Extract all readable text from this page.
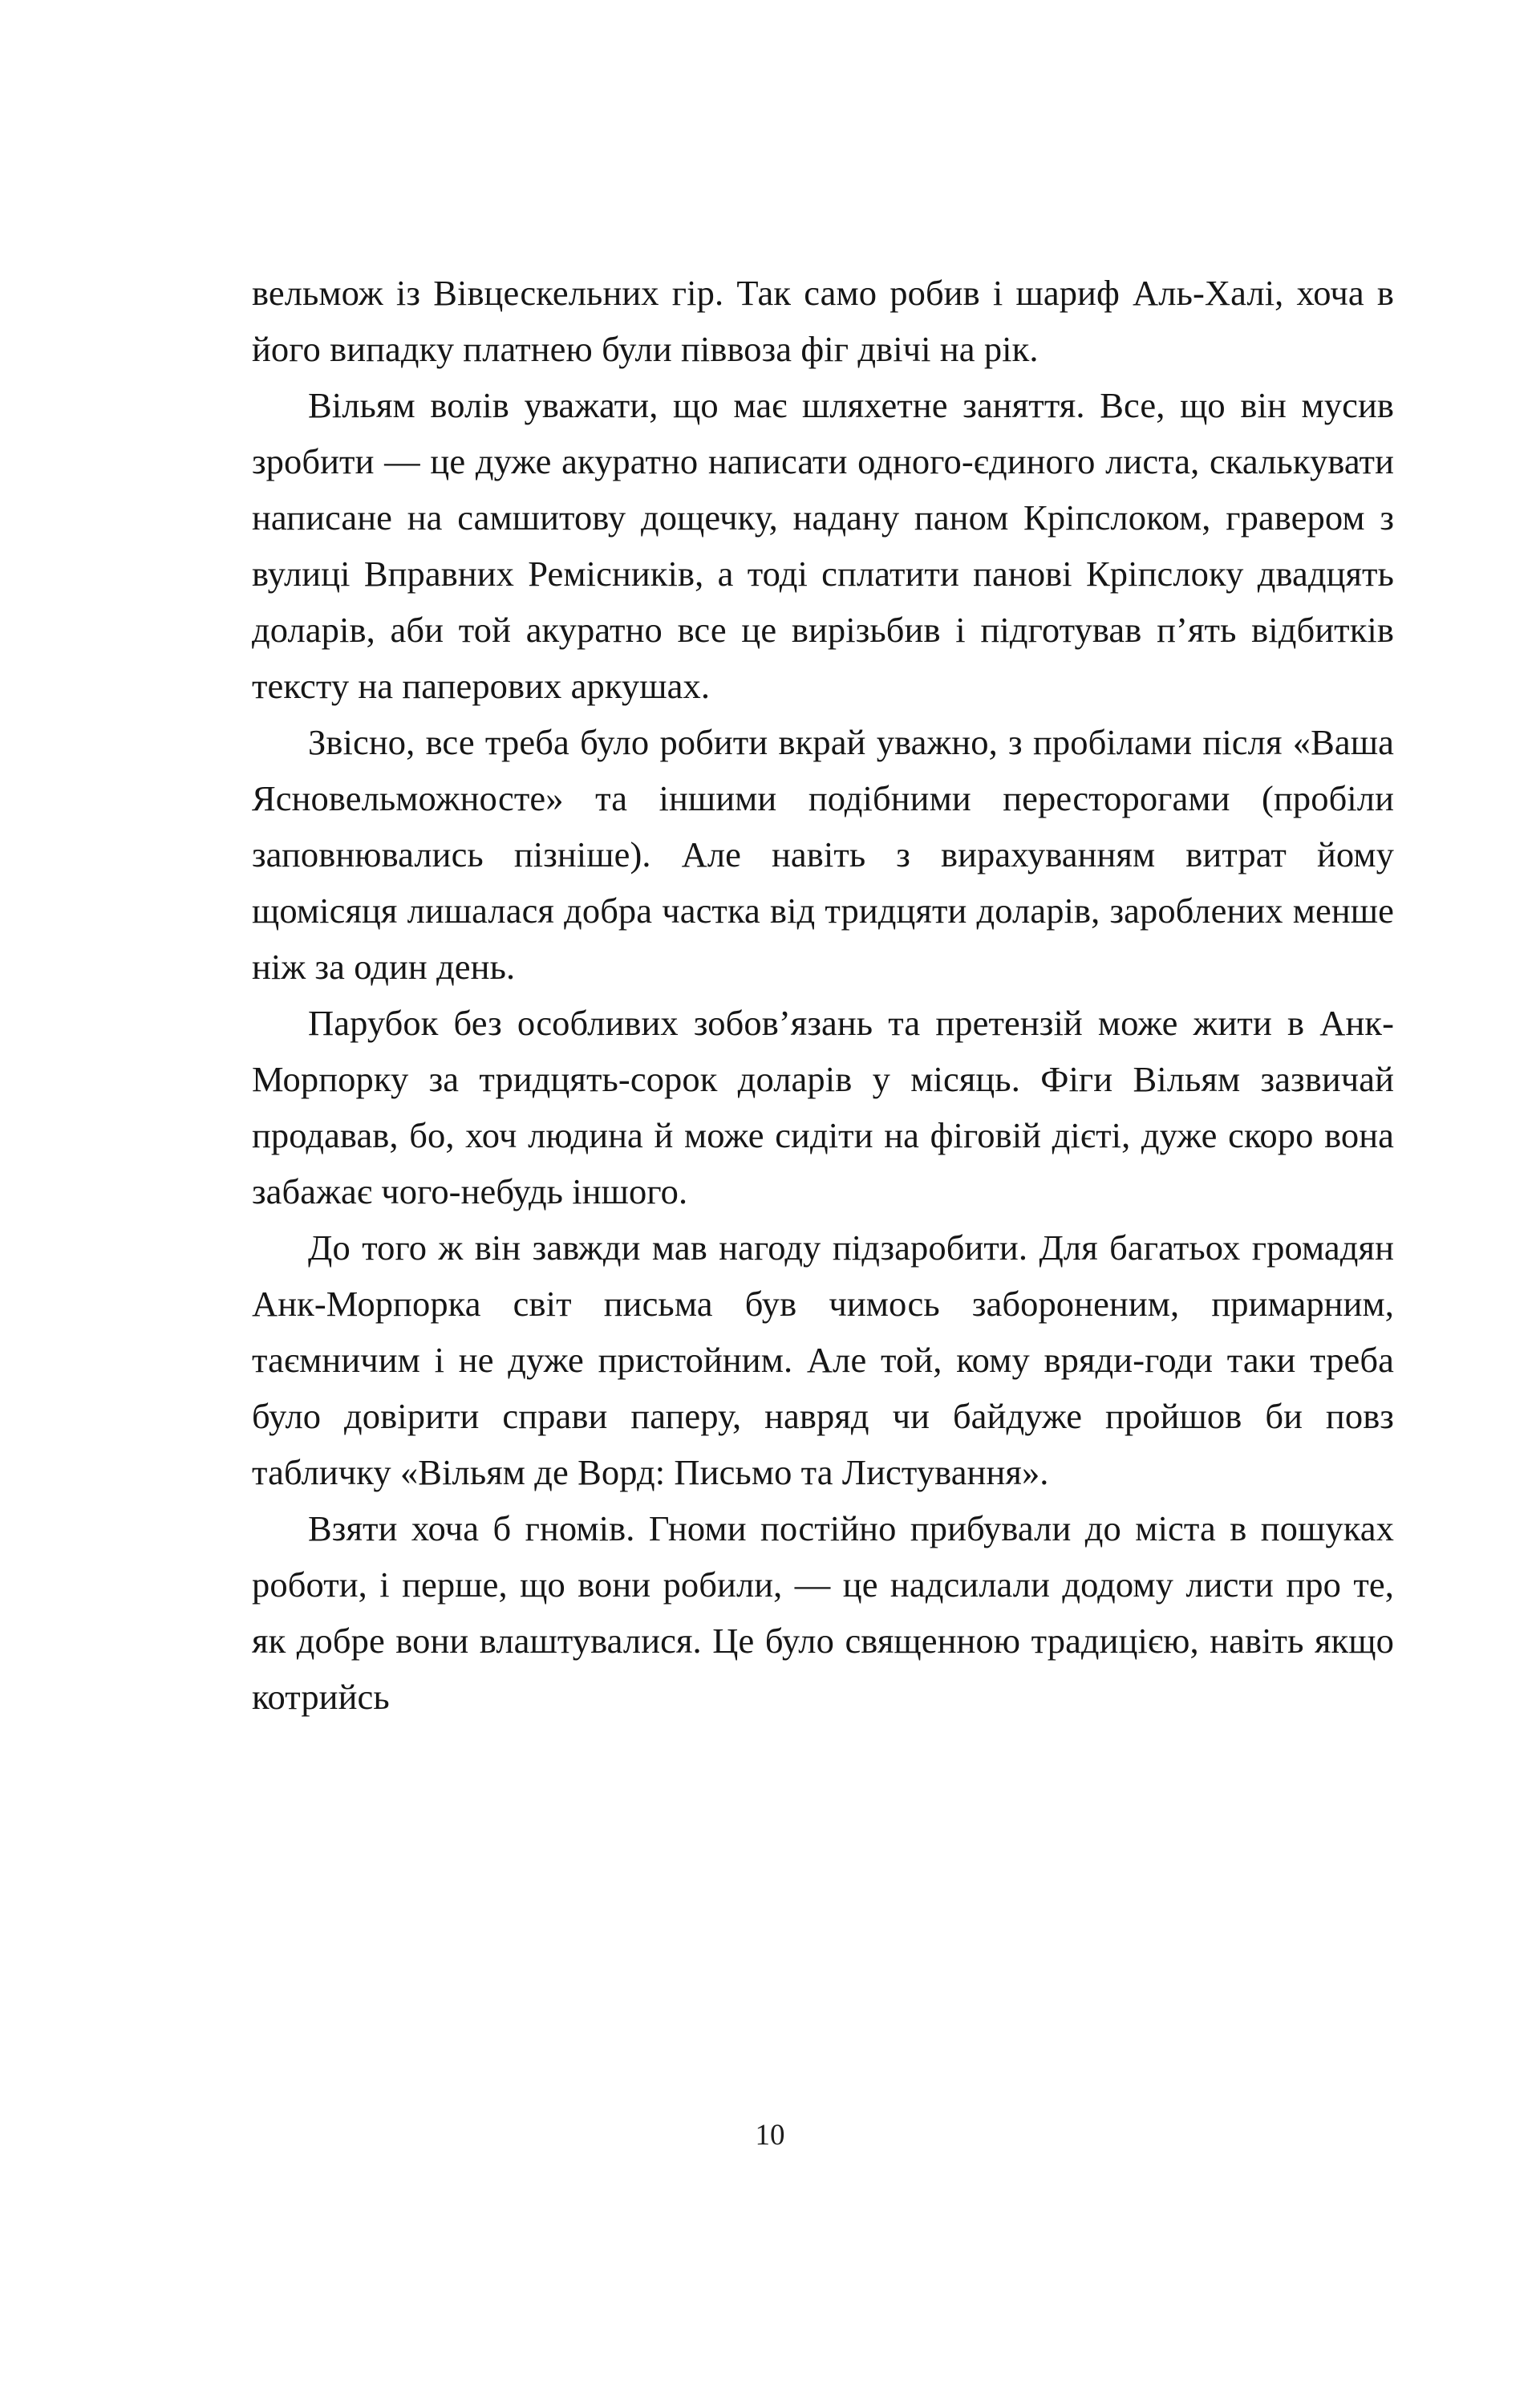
вельмож із Вівцескельних гір. Так само робив і шариф Аль-Халі, хоча в його випадку платнею були піввоза фіг двічі на рік.

Вільям волів уважати, що має шляхетне заняття. Все, що він мусив зробити — це дуже акуратно написати одного-єдиного листа, скалькувати написане на самшитову дощечку, надану паном Кріпслоком, гравером з вулиці Вправних Ремісників, а тоді сплатити панові Кріпслоку двадцять доларів, аби той акуратно все це вирізьбив і підготував п’ять відбитків тексту на паперових аркушах.

Звісно, все треба було робити вкрай уважно, з пробілами після «Ваша Ясновельможносте» та іншими подібними пересторогами (пробіли заповнювались пізніше). Але навіть з вирахуванням витрат йому щомісяця лишалася добра частка від тридцяти доларів, зароблених менше ніж за один день.

Парубок без особливих зобов’язань та претензій може жити в Анк-Морпорку за тридцять-сорок доларів у місяць. Фіги Вільям зазвичай продавав, бо, хоч людина й може сидіти на фіговій дієті, дуже скоро вона забажає чого-небудь іншого.

До того ж він завжди мав нагоду підзаробити. Для багатьох громадян Анк-Морпорка світ письма був чимось забороненим, примарним, таємничим і не дуже пристойним. Але той, кому вряди-годи таки треба було довірити справи паперу, навряд чи байдуже пройшов би повз табличку «Вільям де Ворд: Письмо та Листування».

Взяти хоча б гномів. Гноми постійно прибували до міста в пошуках роботи, і перше, що вони робили, — це надсилали додому листи про те, як добре вони влаштувалися. Це було священною традицією, навіть якщо котрийсь

10
